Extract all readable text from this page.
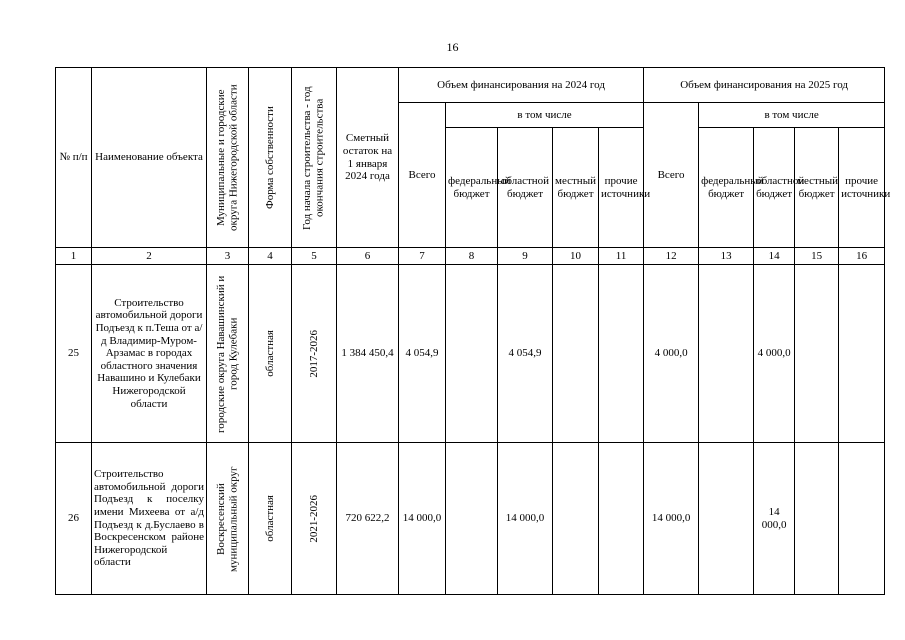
16
№ п/п	Наименование объекта	Муниципальные и городские округа Нижегородской области	Форма собственности	Год начала строительства - год окончания строительства	Сметный остаток на 1 января 2024 года	Объем финансирования на 2024 год					Объем финансирования на 2025 год				
						Всего	в том числе				Всего	в том числе			
							федеральный бюджет	областной бюджет	местный бюджет	прочие источники		федеральный бюджет	областной бюджет	местный бюджет	прочие источники
1	2	3	4	5	6	7	8	9	10	11	12	13	14	15	16
25	Строительство автомобильной дороги Подъезд к п.Теша от а/д Владимир-Муром-Арзамас в городах областного значения Навашино и Кулебаки Нижегородской области	городские округа Навашинский и город Кулебаки	областная	2017-2026	1 384 450,4	4 054,9		4 054,9			4 000,0		4 000,0		
26	Строительство автомобильной дороги Подъезд к поселку имени Михеева от а/д Подъезд к д.Буслаево в Воскресенском районе Нижегородской области	Воскресенский муниципальный округ	областная	2021-2026	720 622,2	14 000,0		14 000,0			14 000,0		14 000,0		
